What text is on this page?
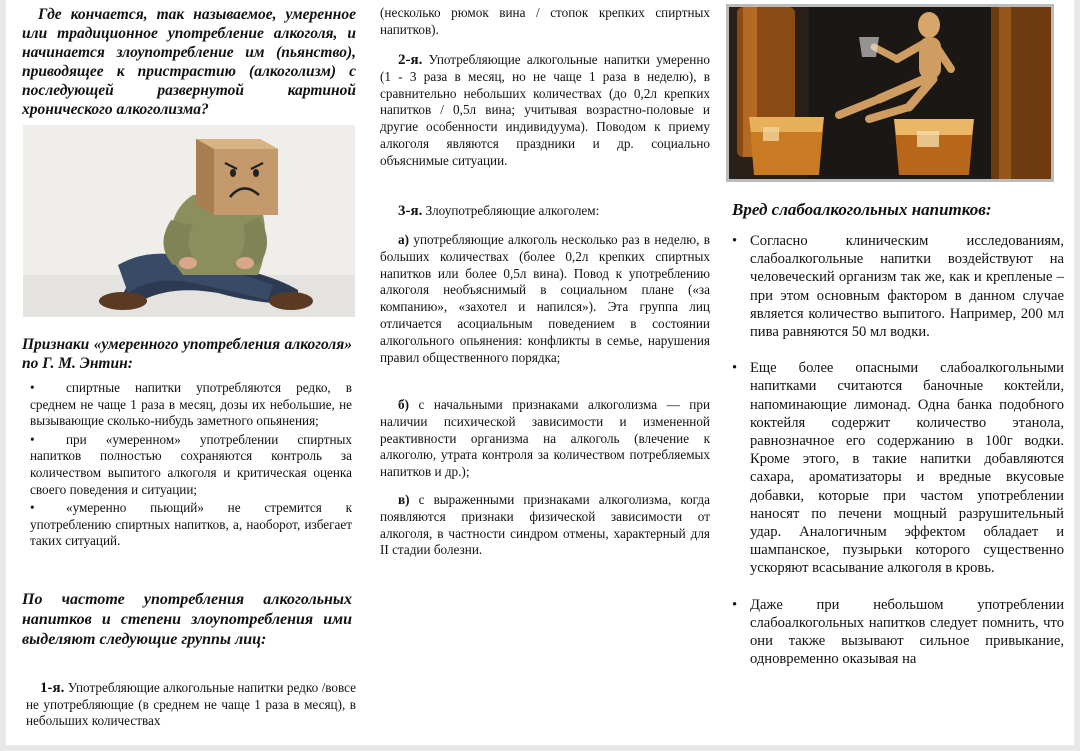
Где кончается, так называемое, умеренное или традиционное употребление алкоголя, и начинается злоупотребление им (пьянство), приводящее к пристрастию (алкоголизм) с последующей развернутой картиной хронического алкоголизма?
Признаки «умеренного употребления алкоголя» по Г. М. Энтин:
• спиртные напитки употребляются редко, в среднем не чаще 1 раза в месяц, дозы их небольшие, не вызывающие сколько-нибудь заметного опьянения;
• при «умеренном» употреблении спиртных напитков полностью сохраняются контроль за количеством выпитого алкоголя и критическая оценка своего поведения и ситуации;
• «умеренно пьющий» не стремится к употреблению спиртных напитков, а, наоборот, избегает таких ситуаций.
По частоте употребления алкогольных напитков и степени злоупотребления ими выделяют следующие группы лиц:
1-я. Употребляющие алкогольные напитки редко /вовсе не употребляющие (в среднем не чаще 1 раза в месяц), в небольших количествах
(несколько рюмок вина / стопок крепких спиртных напитков).
2-я. Употребляющие алкогольные напитки умеренно (1 - 3 раза в месяц, но не чаще 1 раза в неделю), в сравнительно небольших количествах (до 0,2л крепких напитков / 0,5л вина; учитывая возрастно-половые и другие особенности индивидуума). Поводом к приему алкоголя являются праздники и др. социально объяснимые ситуации.
3-я. Злоупотребляющие алкоголем:
а) употребляющие алкоголь несколько раз в неделю, в больших количествах (более 0,2л крепких спиртных напитков или более 0,5л вина). Повод к употреблению алкоголя необъяснимый в социальном плане («за компанию», «захотел и напился»). Эта группа лиц отличается асоциальным поведением в состоянии алкогольного опьянения: конфликты в семье, нарушения правил общественного порядка;
б) с начальными признаками алкоголизма — при наличии психической зависимости и измененной реактивности организма на алкоголь (влечение к алкоголю, утрата контроля за количеством потребляемых напитков и др.);
в) с выраженными признаками алкоголизма, когда появляются признаки физической зависимости от алкоголя, в частности синдром отмены, характерный для II стадии болезни.
Вред слабоалкогольных напитков:
• Согласно клиническим исследованиям, слабоалкогольные напитки воздействуют на человеческий организм так же, как и крепленые – при этом основным фактором в данном случае является количество выпитого. Например, 200 мл пива равняются 50 мл водки.
• Еще более опасными слабоалкогольными напитками считаются баночные коктейли, напоминающие лимонад. Одна банка подобного коктейля содержит количество этанола, равнозначное его содержанию в 100г водки. Кроме этого, в такие напитки добавляются сахара, ароматизаторы и вредные вкусовые добавки, которые при частом употреблении наносят по печени мощный разрушительный удар. Аналогичным эффектом обладает и шампанское, пузырьки которого существенно ускоряют всасывание алкоголя в кровь.
• Даже при небольшом употреблении слабоалкогольных напитков следует помнить, что они также вызывают сильное привыкание, одновременно оказывая на
